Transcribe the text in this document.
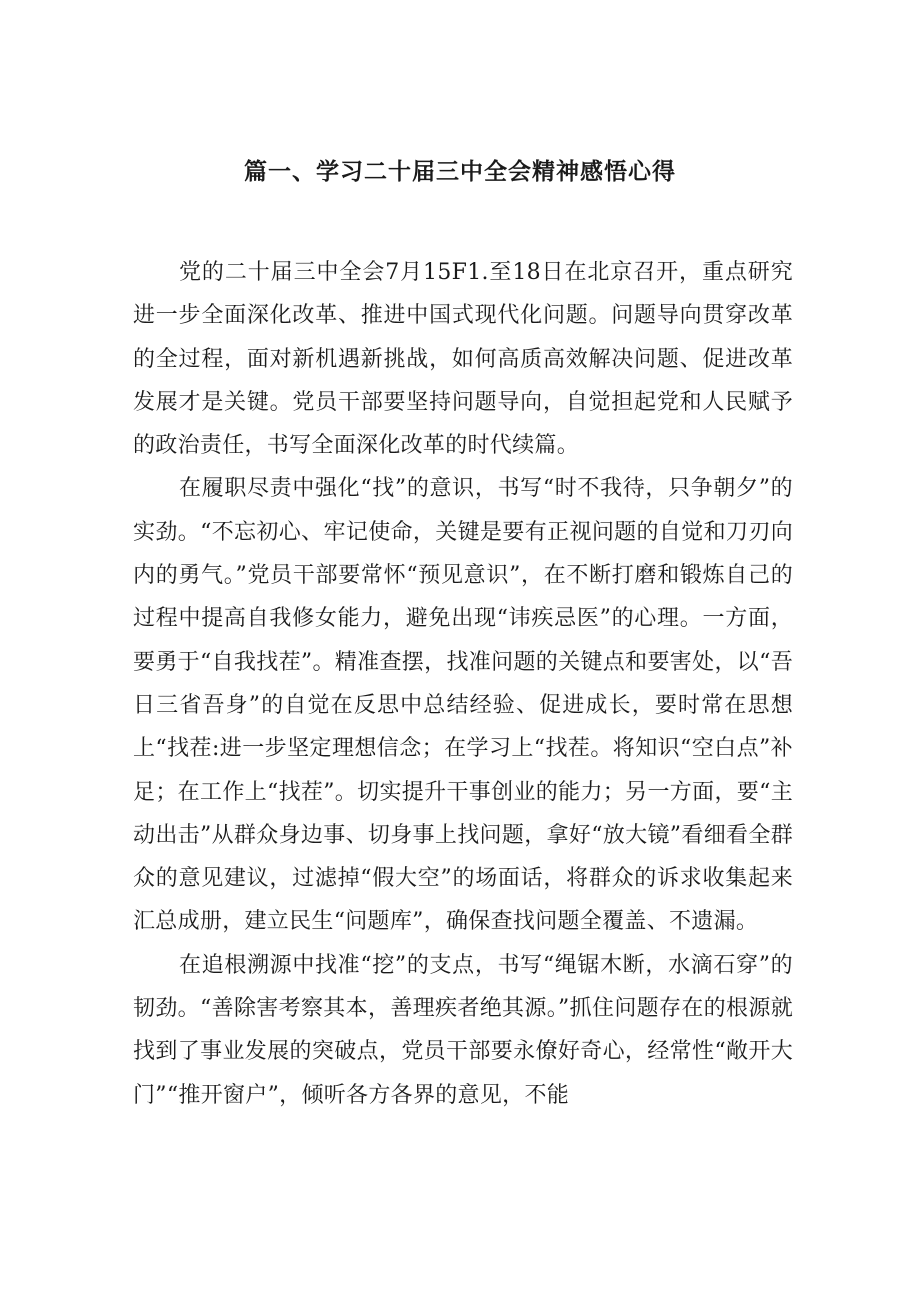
篇一、学习二十届三中全会精神感悟心得

党的二十届三中全会7月15F1.至18日在北京召开，重点研究进一步全面深化改革、推进中国式现代化问题。问题导向贯穿改革的全过程，面对新机遇新挑战，如何高质高效解决问题、促进改革发展才是关键。党员干部要坚持问题导向，自觉担起党和人民赋予的政治责任，书写全面深化改革的时代续篇。

在履职尽责中强化“找”的意识，书写“时不我待，只争朝夕”的实劲。“不忘初心、牢记使命，关键是要有正视问题的自觉和刀刃向内的勇气。”党员干部要常怀“预见意识”，在不断打磨和锻炼自己的过程中提高自我修女能力，避免出现“讳疾忌医”的心理。一方面，要勇于“自我找茬”。精准查摆，找准问题的关键点和要害处，以“吾日三省吾身”的自觉在反思中总结经验、促进成长，要时常在思想上“找茬:进一步坚定理想信念；在学习上“找茬。将知识“空白点”补足；在工作上“找茬”。切实提升干事创业的能力；另一方面，要“主动出击”从群众身边事、切身事上找问题，拿好“放大镜”看细看全群众的意见建议，过滤掉“假大空”的场面话，将群众的诉求收集起来汇总成册，建立民生“问题库”，确保查找问题全覆盖、不遗漏。

在追根溯源中找准“挖”的支点，书写“绳锯木断，水滴石穿”的韧劲。“善除害考察其本，善理疾者绝其源。”抓住问题存在的根源就找到了事业发展的突破点，党员干部要永僚好奇心，经常性“敞开大门”“推开窗户”，倾听各方各界的意见，不能
